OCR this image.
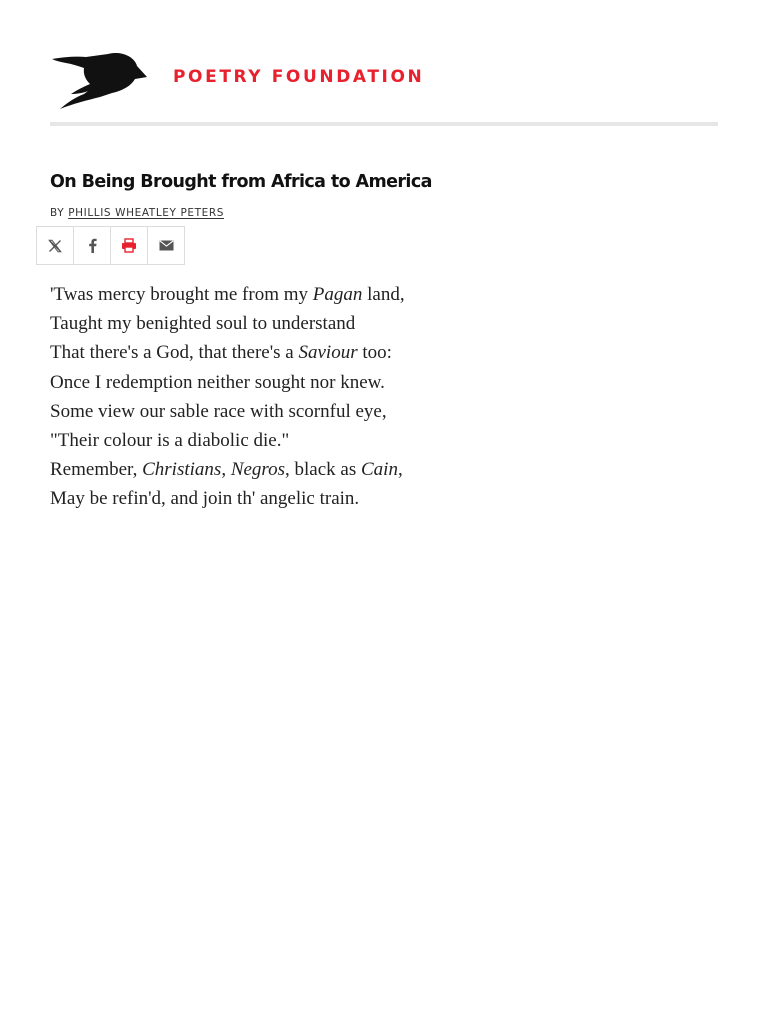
POETRY FOUNDATION
On Being Brought from Africa to America
BY PHILLIS WHEATLEY PETERS
'Twas mercy brought me from my Pagan land,
Taught my benighted soul to understand
That there's a God, that there's a Saviour too:
Once I redemption neither sought nor knew.
Some view our sable race with scornful eye,
"Their colour is a diabolic die."
Remember, Christians, Negros, black as Cain,
May be refin'd, and join th' angelic train.
